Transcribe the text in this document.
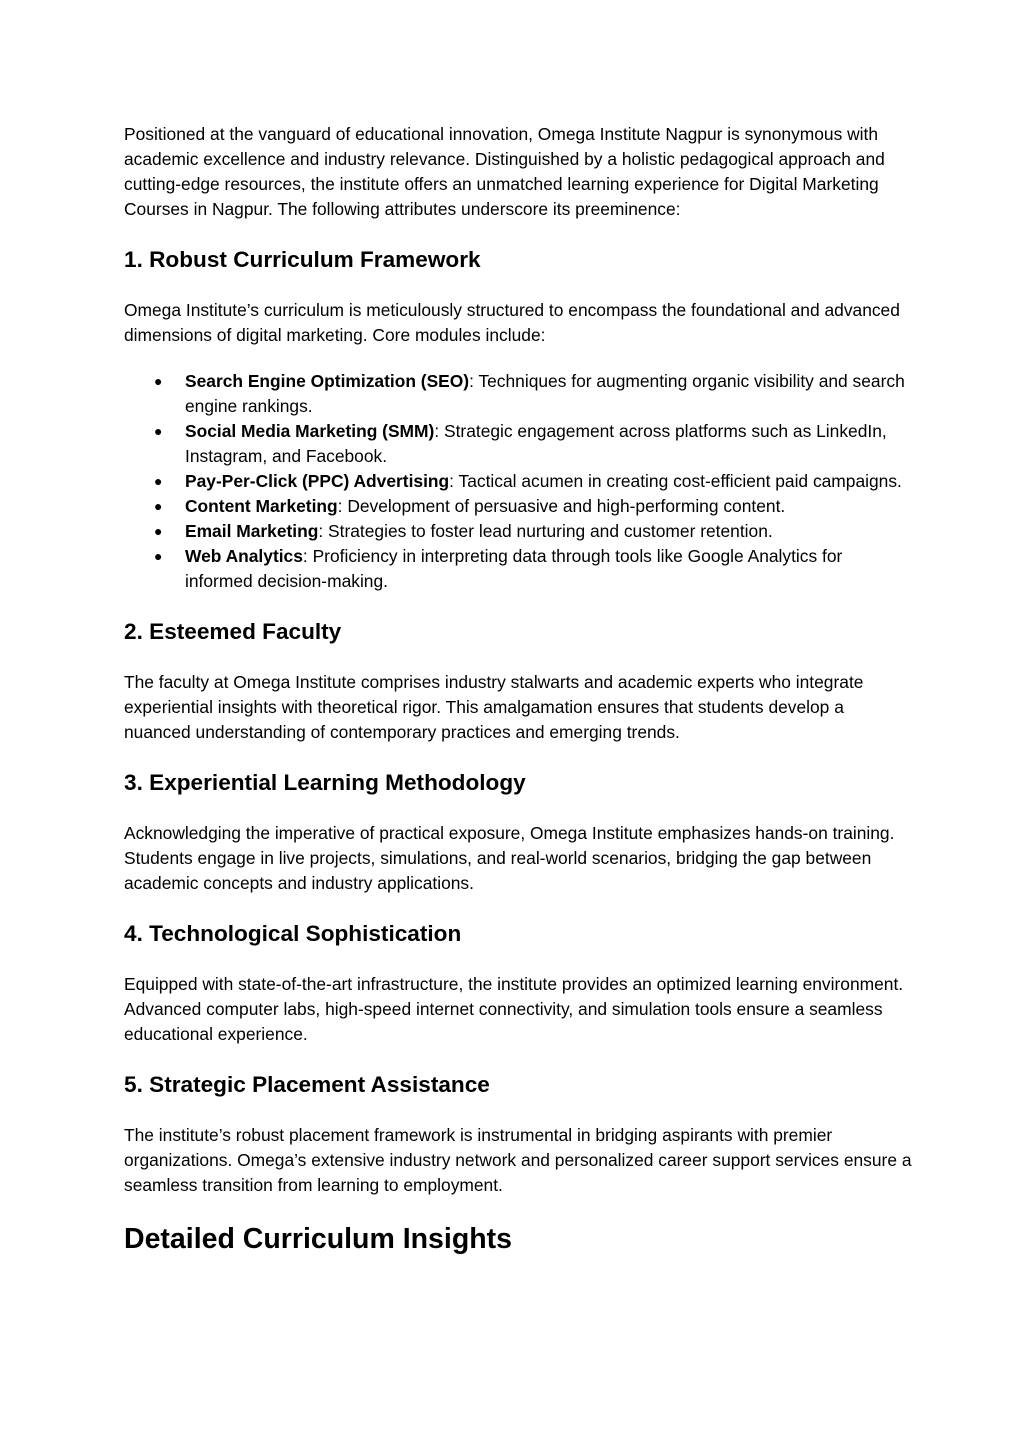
Positioned at the vanguard of educational innovation, Omega Institute Nagpur is synonymous with academic excellence and industry relevance. Distinguished by a holistic pedagogical approach and cutting-edge resources, the institute offers an unmatched learning experience for Digital Marketing Courses in Nagpur. The following attributes underscore its preeminence:

1. Robust Curriculum Framework

Omega Institute’s curriculum is meticulously structured to encompass the foundational and advanced dimensions of digital marketing. Core modules include:

● Search Engine Optimization (SEO): Techniques for augmenting organic visibility and search engine rankings.
● Social Media Marketing (SMM): Strategic engagement across platforms such as LinkedIn, Instagram, and Facebook.
● Pay-Per-Click (PPC) Advertising: Tactical acumen in creating cost-efficient paid campaigns.
● Content Marketing: Development of persuasive and high-performing content.
● Email Marketing: Strategies to foster lead nurturing and customer retention.
● Web Analytics: Proficiency in interpreting data through tools like Google Analytics for informed decision-making.
2. Esteemed Faculty

The faculty at Omega Institute comprises industry stalwarts and academic experts who integrate experiential insights with theoretical rigor. This amalgamation ensures that students develop a nuanced understanding of contemporary practices and emerging trends.

3. Experiential Learning Methodology

Acknowledging the imperative of practical exposure, Omega Institute emphasizes hands-on training. Students engage in live projects, simulations, and real-world scenarios, bridging the gap between academic concepts and industry applications.

4. Technological Sophistication

Equipped with state-of-the-art infrastructure, the institute provides an optimized learning environment. Advanced computer labs, high-speed internet connectivity, and simulation tools ensure a seamless educational experience.

5. Strategic Placement Assistance

The institute’s robust placement framework is instrumental in bridging aspirants with premier organizations. Omega’s extensive industry network and personalized career support services ensure a seamless transition from learning to employment.

Detailed Curriculum Insights
